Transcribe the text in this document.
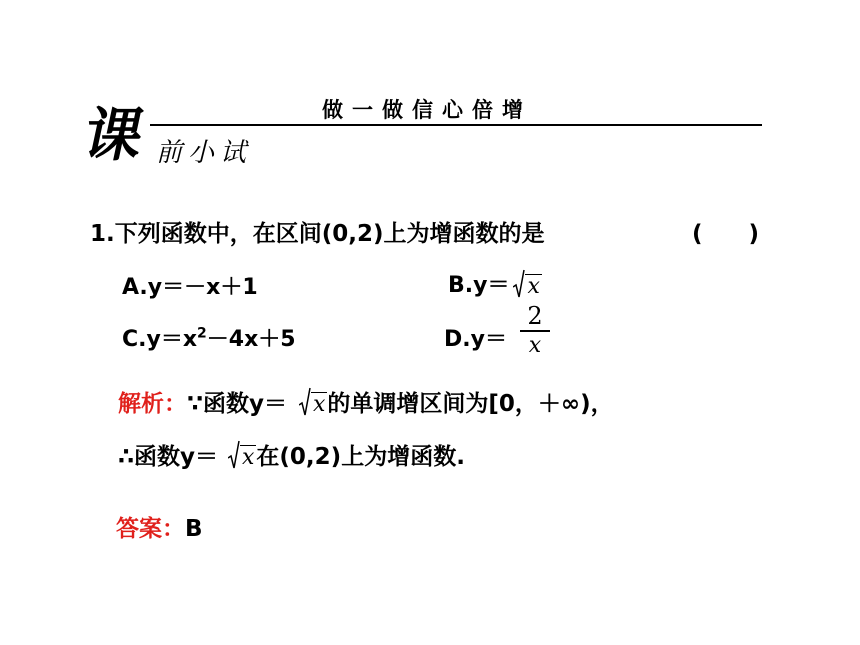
课 前小试
做一做信心倍增
1.下列函数中，在区间(0,2)上为增函数的是	(　　)
A.y＝－x＋1	B.y＝ x
$C.y=x^2-4x+5$	D.y＝
2
x
解析： ∵函数y＝ x 的单调增区间为[0，＋∞)，
∴函数y＝ x 在(0,2)上为增函数.
答案：B
